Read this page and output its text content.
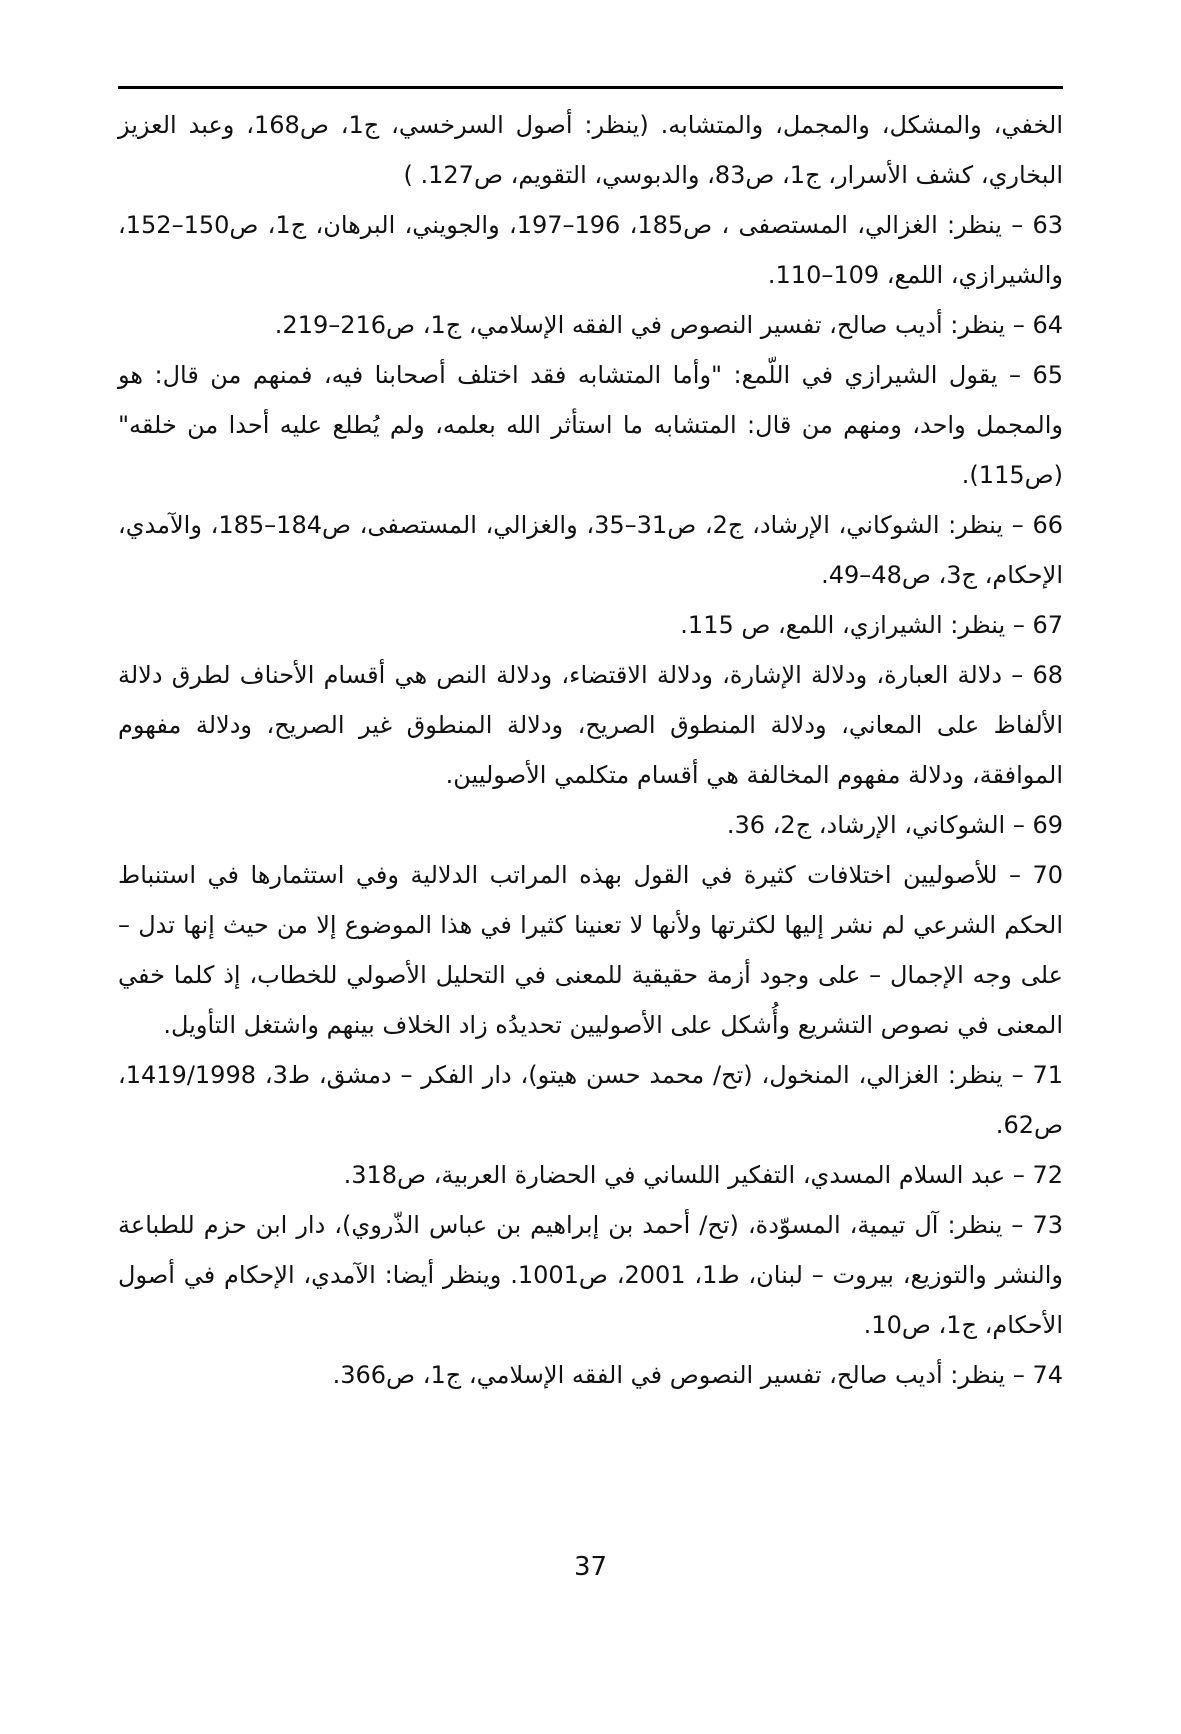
الخفي، والمشكل، والمجمل، والمتشابه. (ينظر: أصول السرخسي، ج1، ص168، وعبد العزيز البخاري، كشف الأسرار، ج1، ص83، والدبوسي، التقويم، ص127. )

63 – ينظر: الغزالي، المستصفى ، ص185، 196–197، والجويني، البرهان، ج1، ص150–152، والشيرازي، اللمع، 109–110.

64 – ينظر: أديب صالح، تفسير النصوص في الفقه الإسلامي، ج1، ص216–219.

65 – يقول الشيرازي في اللّمع: "وأما المتشابه فقد اختلف أصحابنا فيه، فمنهم من قال: هو والمجمل واحد، ومنهم من قال: المتشابه ما استأثر الله بعلمه، ولم يُطلع عليه أحدا من خلقه" (ص115).

66 – ينظر: الشوكاني، الإرشاد، ج2، ص31–35، والغزالي، المستصفى، ص184–185، والآمدي، الإحكام، ج3، ص48–49.

67 – ينظر: الشيرازي، اللمع، ص 115.

68 – دلالة العبارة، ودلالة الإشارة، ودلالة الاقتضاء، ودلالة النص هي أقسام الأحناف لطرق دلالة الألفاظ على المعاني، ودلالة المنطوق الصريح، ودلالة المنطوق غير الصريح، ودلالة مفهوم الموافقة، ودلالة مفهوم المخالفة هي أقسام متكلمي الأصوليين.

69 – الشوكاني، الإرشاد، ج2، 36.

70 – للأصوليين اختلافات كثيرة في القول بهذه المراتب الدلالية وفي استثمارها في استنباط الحكم الشرعي لم نشر إليها لكثرتها ولأنها لا تعنينا كثيرا في هذا الموضوع إلا من حيث إنها تدل – على وجه الإجمال – على وجود أزمة حقيقية للمعنى في التحليل الأصولي للخطاب، إذ كلما خفي المعنى في نصوص التشريع وأُشكل على الأصوليين تحديدُه زاد الخلاف بينهم واشتغل التأويل.

71 – ينظر: الغزالي، المنخول، (تح/ محمد حسن هيتو)، دار الفكر – دمشق، ط3، 1419/1998، ص62.

72 – عبد السلام المسدي، التفكير اللساني في الحضارة العربية، ص318.

73 – ينظر: آل تيمية، المسوّدة، (تح/ أحمد بن إبراهيم بن عباس الذّروي)، دار ابن حزم للطباعة والنشر والتوزيع، بيروت – لبنان، ط1، 2001، ص1001. وينظر أيضا: الآمدي، الإحكام في أصول الأحكام، ج1، ص10.

74 – ينظر: أديب صالح، تفسير النصوص في الفقه الإسلامي، ج1، ص366.

37
